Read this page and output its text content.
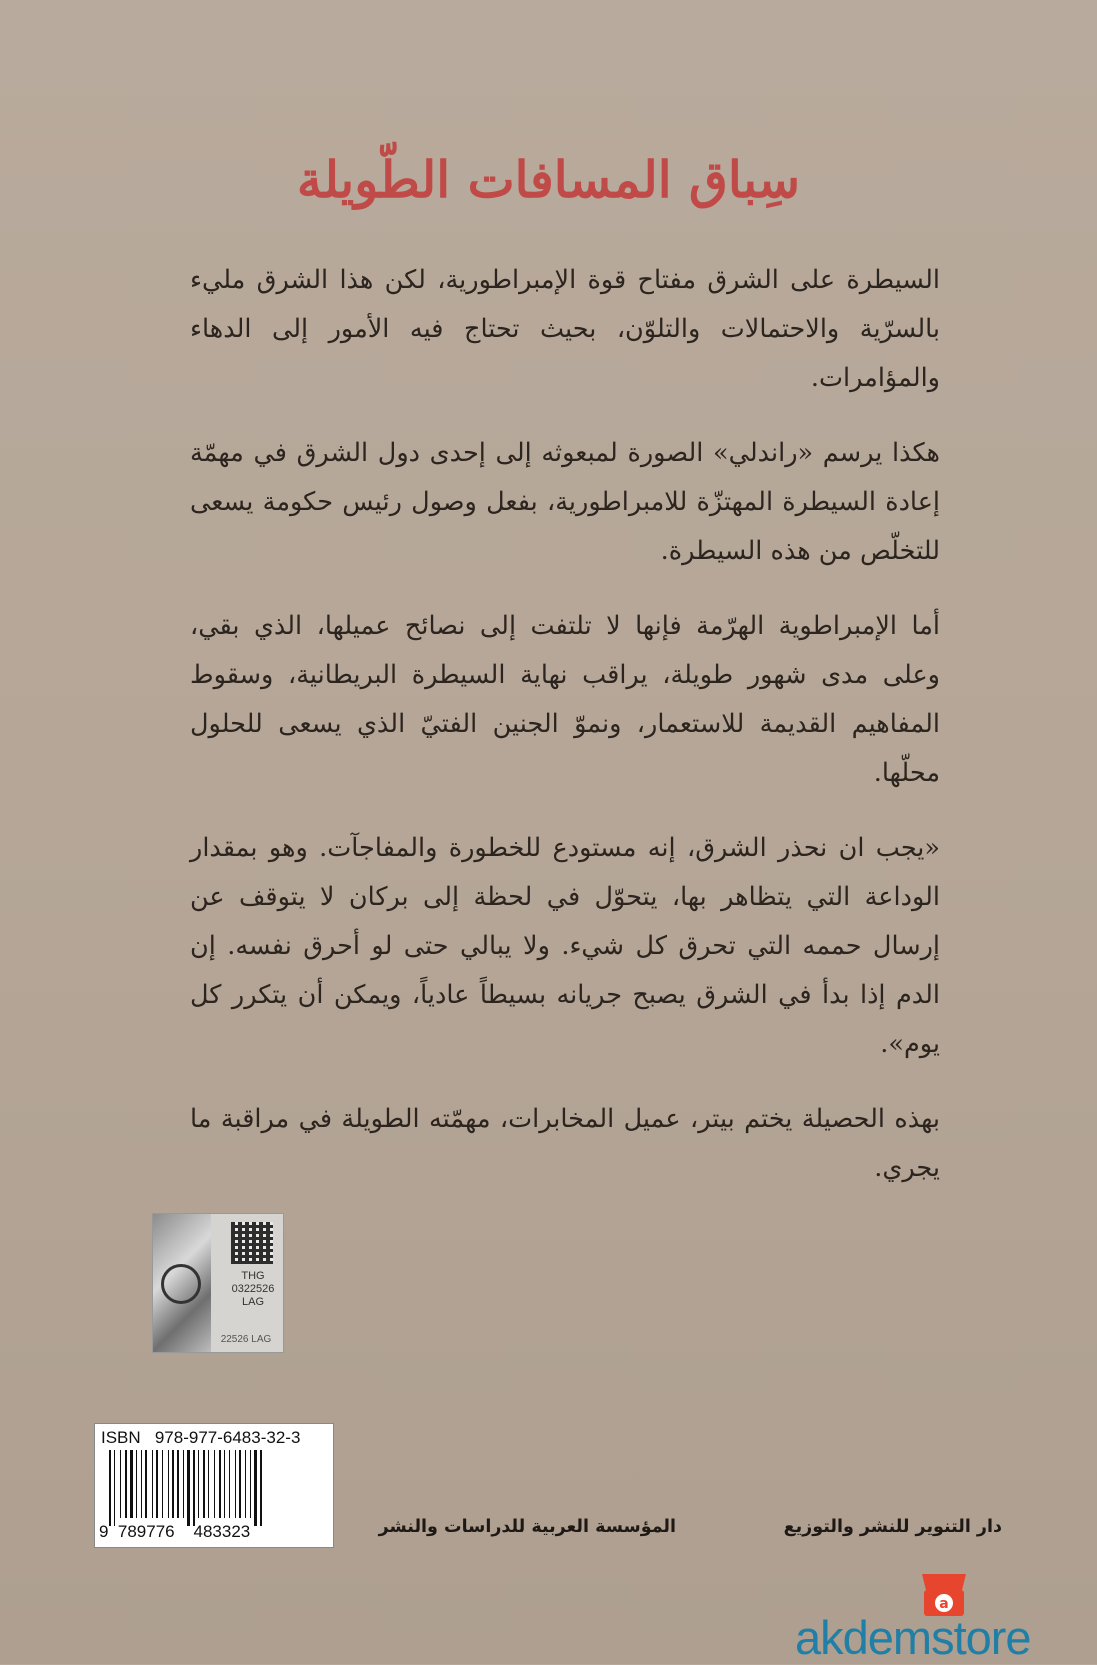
سِباق المسافات الطّويلة

السيطرة على الشرق مفتاح قوة الإمبراطورية، لكن هذا الشرق مليء بالسرّية والاحتمالات والتلوّن، بحيث تحتاج فيه الأمور إلى الدهاء والمؤامرات.

هكذا يرسم «راندلي» الصورة لمبعوثه إلى إحدى دول الشرق في مهمّة إعادة السيطرة المهتزّة للامبراطورية، بفعل وصول رئيس حكومة يسعى للتخلّص من هذه السيطرة.

أما الإمبراطوية الهرّمة فإنها لا تلتفت إلى نصائح عميلها، الذي بقي، وعلى مدى شهور طويلة، يراقب نهاية السيطرة البريطانية، وسقوط المفاهيم القديمة للاستعمار، ونموّ الجنين الفتيّ الذي يسعى للحلول محلّها.

«يجب ان نحذر الشرق، إنه مستودع للخطورة والمفاجآت. وهو بمقدار الوداعة التي يتظاهر بها، يتحوّل في لحظة إلى بركان لا يتوقف عن إرسال حممه التي تحرق كل شيء. ولا يبالي حتى لو أحرق نفسه. إن الدم إذا بدأ في الشرق يصبح جريانه بسيطاً عادياً، ويمكن أن يتكرر كل يوم».

بهذه الحصيلة يختم بيتر، عميل المخابرات، مهمّته الطويلة في مراقبة ما يجري.

THG
0322526
LAG
22526 LAG
ISBN   978-977-6483-32-3
9  789776    483323	دار التنوير للنشر والتوزيع
المؤسسة العربية للدراسات والنشر
a
akdemstore
